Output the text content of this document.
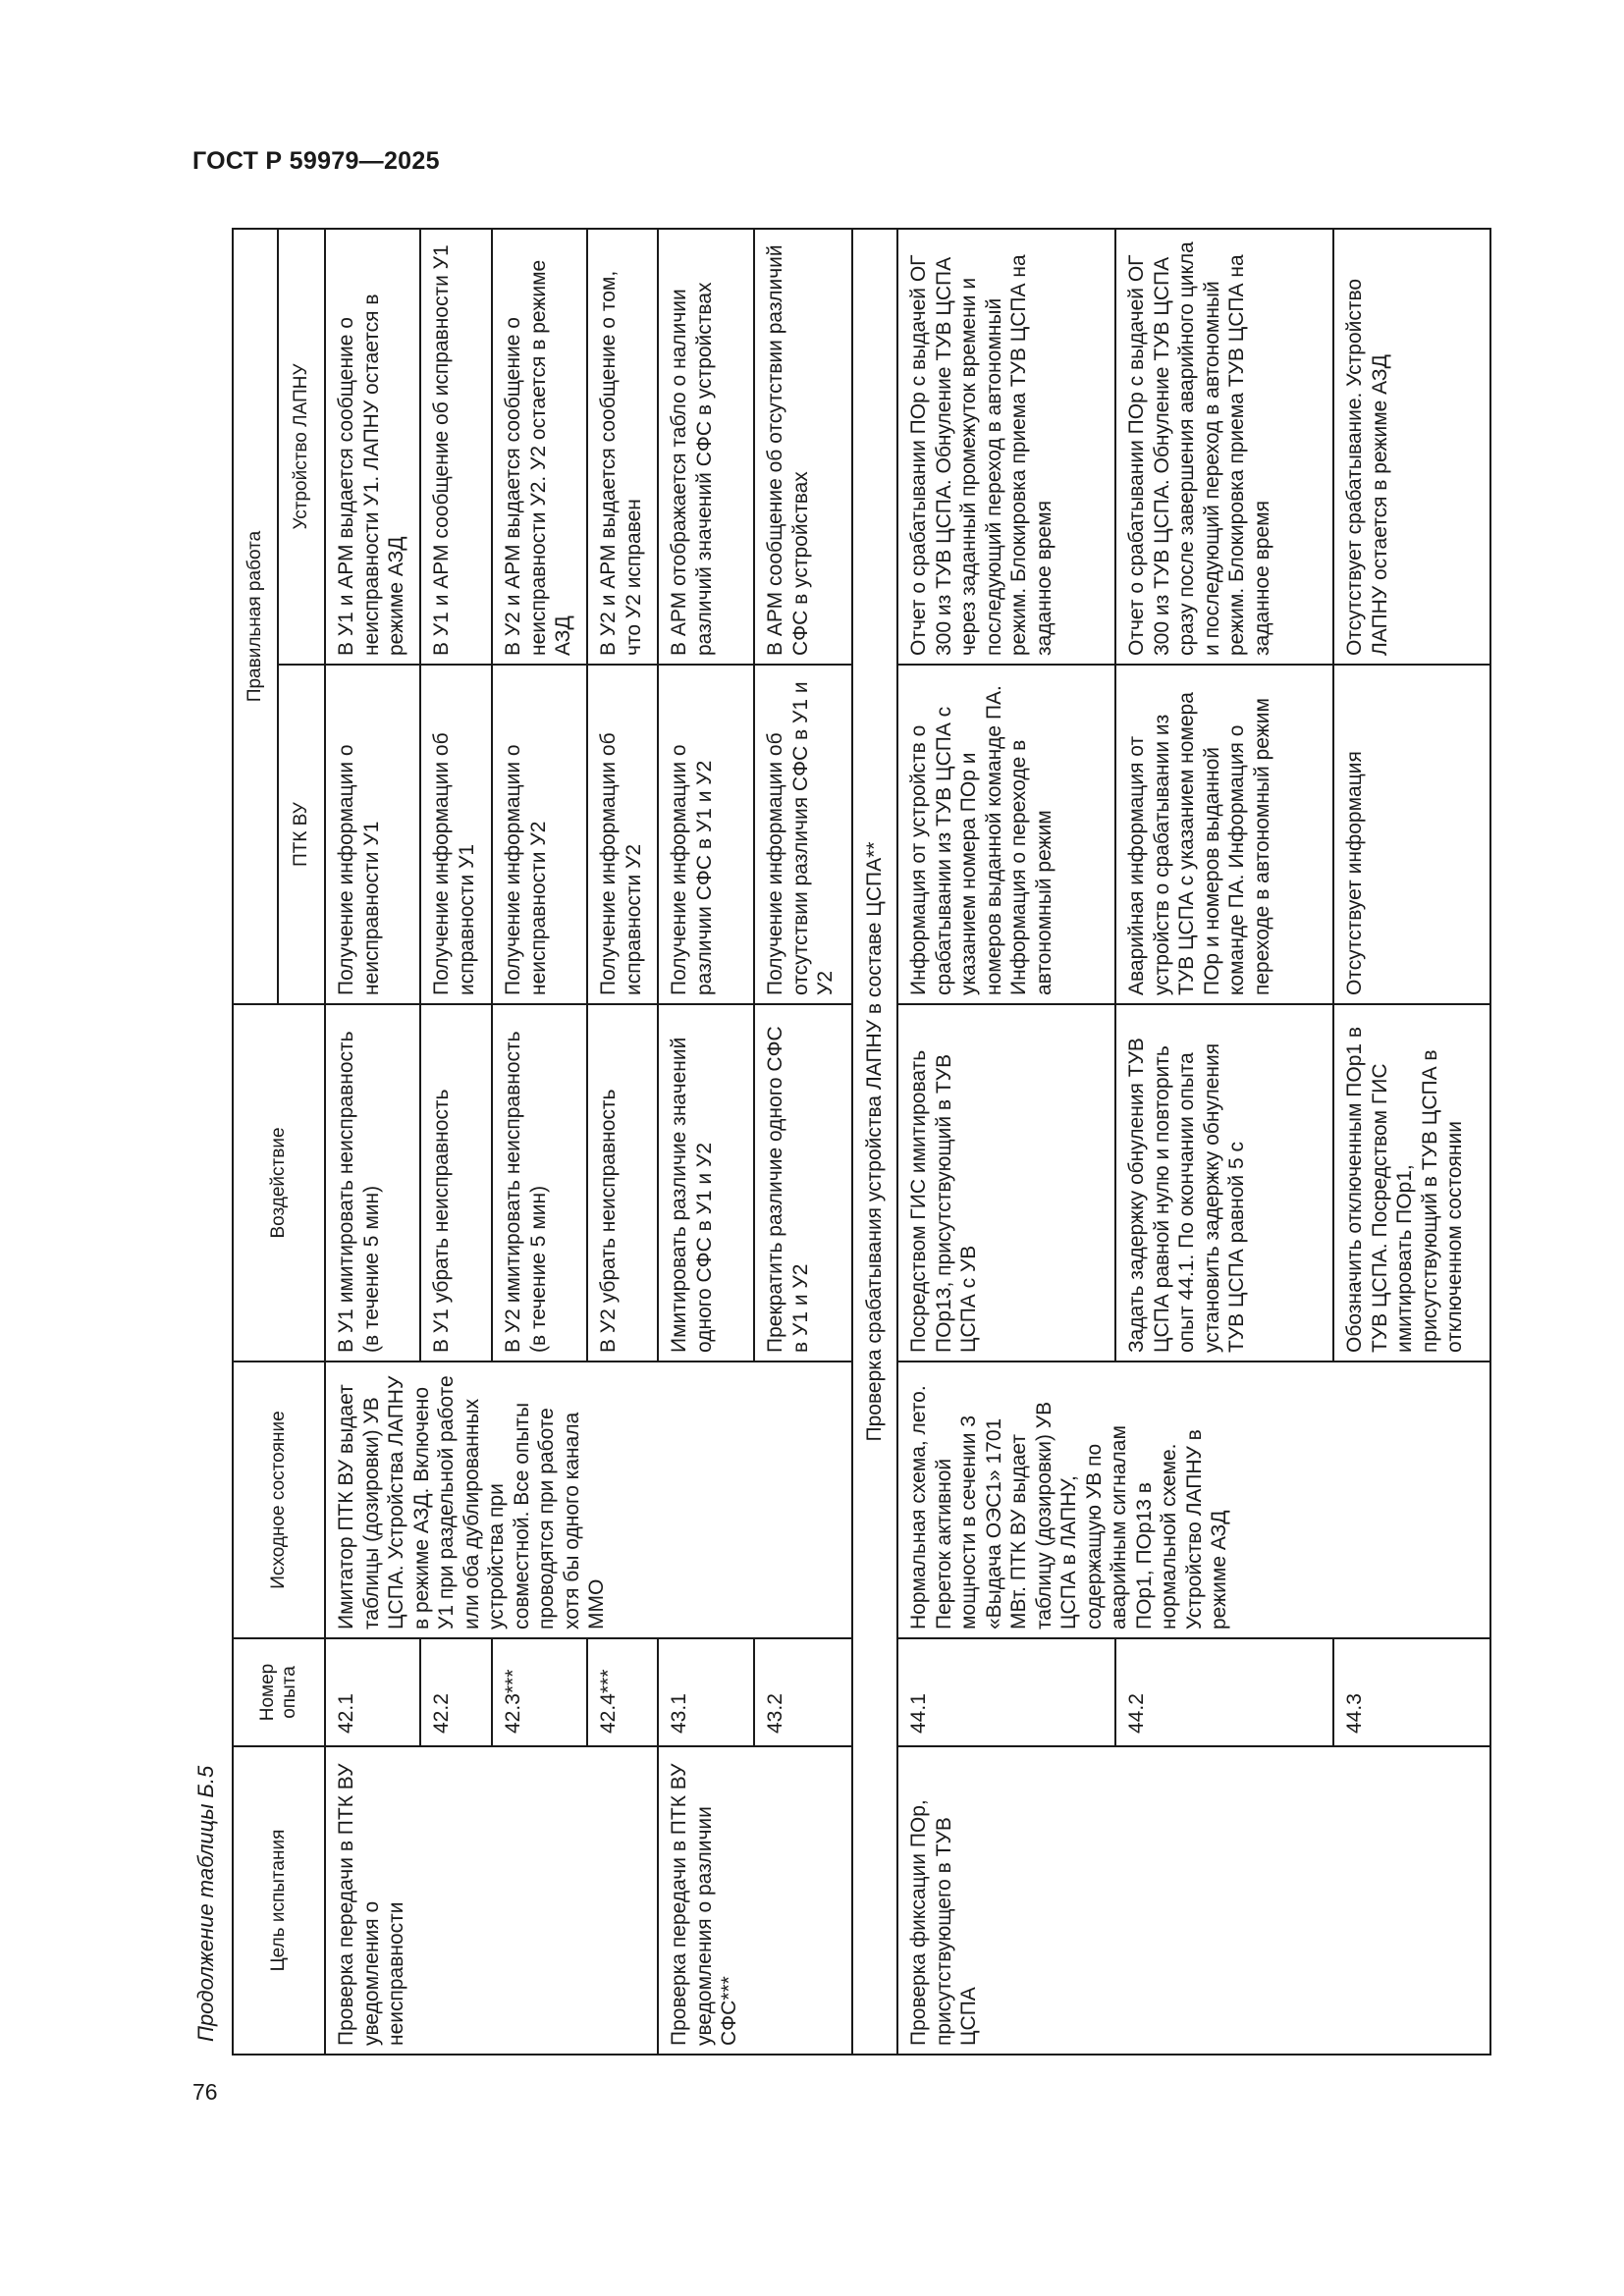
ГОСТ Р 59979—2025
Продолжение таблицы Б.5
76
Цель испытания	Номер опыта	Исходное состояние	Воздействие	Правильная работа	
				ПТК ВУ	Устройство ЛАПНУ
Проверка передачи в ПТК ВУ уведомления о неисправности	42.1	Имитатор ПТК ВУ выдает таблицы (дозировки) УВ ЦСПА. Устройства ЛАПНУ в режиме АЗД. Включено У1 при раздельной работе или оба дублированных устройства при совместной. Все опыты проводятся при работе хотя бы одного канала ММО	В У1 имитировать неисправность (в течение 5 мин)	Получение информации о неисправности У1	В У1 и АРМ выдается сообщение о неисправности У1. ЛАПНУ остается в режиме АЗД
	42.2		В У1 убрать неисправность	Получение информации об исправности У1	В У1 и АРМ сообщение об исправности У1
	42.3***		В У2 имитировать неисправность (в течение 5 мин)	Получение информации о неисправности У2	В У2 и АРМ выдается сообщение о неисправности У2. У2 остается в режиме АЗД
	42.4***		В У2 убрать неисправность	Получение информации об исправности У2	В У2 и АРМ выдается сообщение о том, что У2 исправен
Проверка передачи в ПТК ВУ уведомления о различии СФС***	43.1		Имитировать различие значений одного СФС в У1 и У2	Получение информации о различии СФС в У1 и У2	В АРМ отображается табло о наличии различий значений СФС в устройствах
	43.2		Прекратить различие одного СФС в У1 и У2	Получение информации об отсутствии различия СФС в У1 и У2	В АРМ сообщение об отсутствии различий СФС в устройствах
Проверка срабатывания устройства ЛАПНУ в составе ЦСПА**					
Проверка фиксации ПОр, присутствующего в ТУВ ЦСПА	44.1	Нормальная схема, лето. Переток активной мощности в сечении 3 «Выдача ОЭС1» 1701 МВт. ПТК ВУ выдает таблицу (дозировки) УВ ЦСПА в ЛАПНУ, содержащую УВ по аварийным сигналам ПОр1, ПОр13 в нормальной схеме. Устройство ЛАПНУ в режиме АЗД	Посредством ГИС имитировать ПОр13, присутствующий в ТУВ ЦСПА с УВ	Информация от устройств о срабатывании из ТУВ ЦСПА с указанием номера ПОр и номеров выданной команде ПА. Информация о переходе в автономный режим	Отчет о срабатывании ПОр с выдачей ОГ 300 из ТУВ ЦСПА. Обнуление ТУВ ЦСПА через заданный промежуток времени и последующий переход в автономный режим. Блокировка приема ТУВ ЦСПА на заданное время
	44.2		Задать задержку обнуления ТУВ ЦСПА равной нулю и повторить опыт 44.1. По окончании опыта установить задержку обнуления ТУВ ЦСПА равной 5 с	Аварийная информация от устройств о срабатывании из ТУВ ЦСПА с указанием номера ПОр и номеров выданной команде ПА. Информация о переходе в автономный режим	Отчет о срабатывании ПОр с выдачей ОГ 300 из ТУВ ЦСПА. Обнуление ТУВ ЦСПА сразу после завершения аварийного цикла и последующий переход в автономный режим. Блокировка приема ТУВ ЦСПА на заданное время
	44.3		Обозначить отключенным ПОр1 в ТУВ ЦСПА. Посредством ГИС имитировать ПОр1, присутствующий в ТУВ ЦСПА в отключенном состоянии	Отсутствует информация	Отсутствует срабатывание. Устройство ЛАПНУ остается в режиме АЗД
